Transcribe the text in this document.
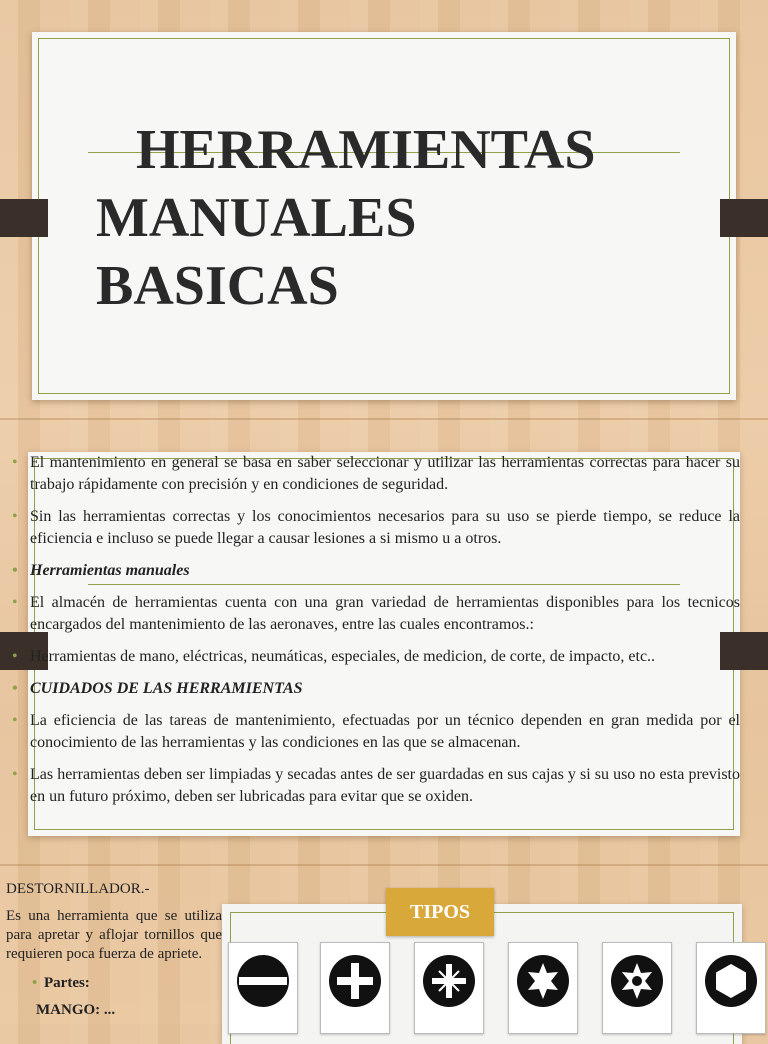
HERRAMIENTAS
MANUALES
BASICAS
• El mantenimiento en general se basa en saber seleccionar y utilizar las herramientas correctas para hacer su trabajo rápidamente con precisión y en condiciones de seguridad.
• Sin las herramientas correctas y los conocimientos necesarios para su uso se pierde tiempo, se reduce la eficiencia e incluso se puede llegar a causar lesiones a si mismo u a otros.
• Herramientas manuales
• El almacén de herramientas cuenta con una gran variedad de herramientas disponibles para los tecnicos encargados del mantenimiento de las aeronaves, entre las cuales encontramos.:
• Herramientas de mano, eléctricas, neumáticas, especiales, de medicion, de corte, de impacto, etc..
• CUIDADOS DE LAS HERRAMIENTAS
• La eficiencia de las tareas de mantenimiento, efectuadas por un técnico dependen en gran medida por el conocimiento de las herramientas y las condiciones en las que se almacenan.
• Las herramientas deben ser limpiadas y secadas antes de ser guardadas en sus cajas y si su uso no esta previsto en un futuro próximo, deben ser lubricadas para evitar que se oxiden.
DESTORNILLADOR.-
Es una herramienta que se utiliza para apretar y aflojar tornillos que requieren poca fuerza de apriete.
• Partes:
MANGO: ...
TIPOS
